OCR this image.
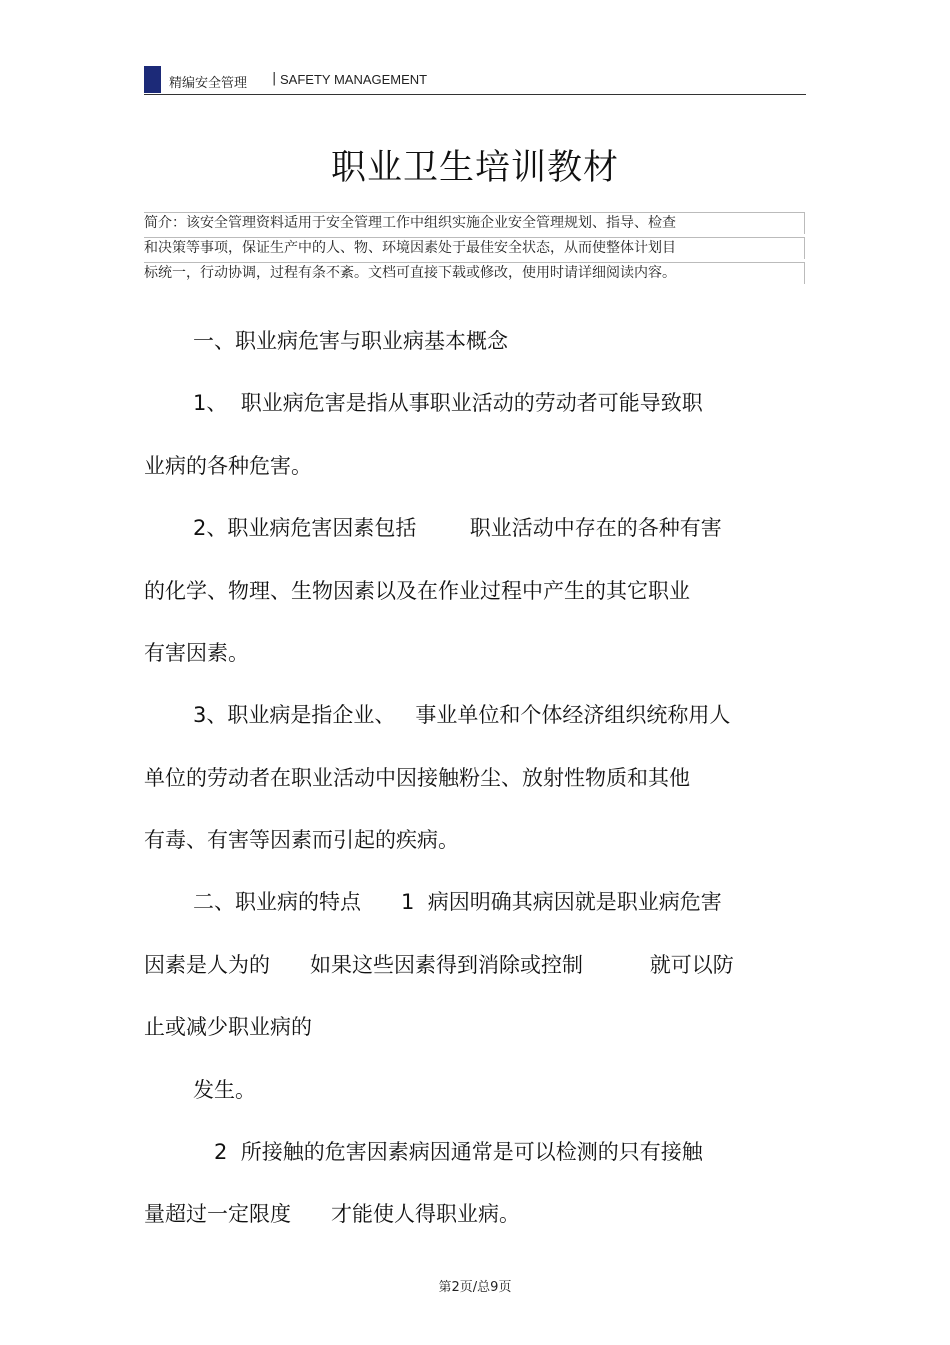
精编安全管理 | SAFETY MANAGEMENT
职业卫生培训教材
简介：该安全管理资料适用于安全管理工作中组织实施企业安全管理规划、指导、检查
和决策等事项，保证生产中的人、物、环境因素处于最佳安全状态，从而使整体计划目
标统一，行动协调，过程有条不紊。文档可直接下载或修改，使用时请详细阅读内容。
一、职业病危害与职业病基本概念
1、  职业病危害是指从事职业活动的劳动者可能导致职
业病的各种危害。
2、职业病危害因素包括        职业活动中存在的各种有害
的化学、物理、生物因素以及在作业过程中产生的其它职业
有害因素。
3、职业病是指企业、   事业单位和个体经济组织统称用人
单位的劳动者在职业活动中因接触粉尘、放射性物质和其他
有毒、有害等因素而引起的疾病。
二、职业病的特点      1  病因明确其病因就是职业病危害
因素是人为的      如果这些因素得到消除或控制          就可以防
止或减少职业病的
发生。
2  所接触的危害因素病因通常是可以检测的只有接触
量超过一定限度      才能使人得职业病。
第2页/总9页
